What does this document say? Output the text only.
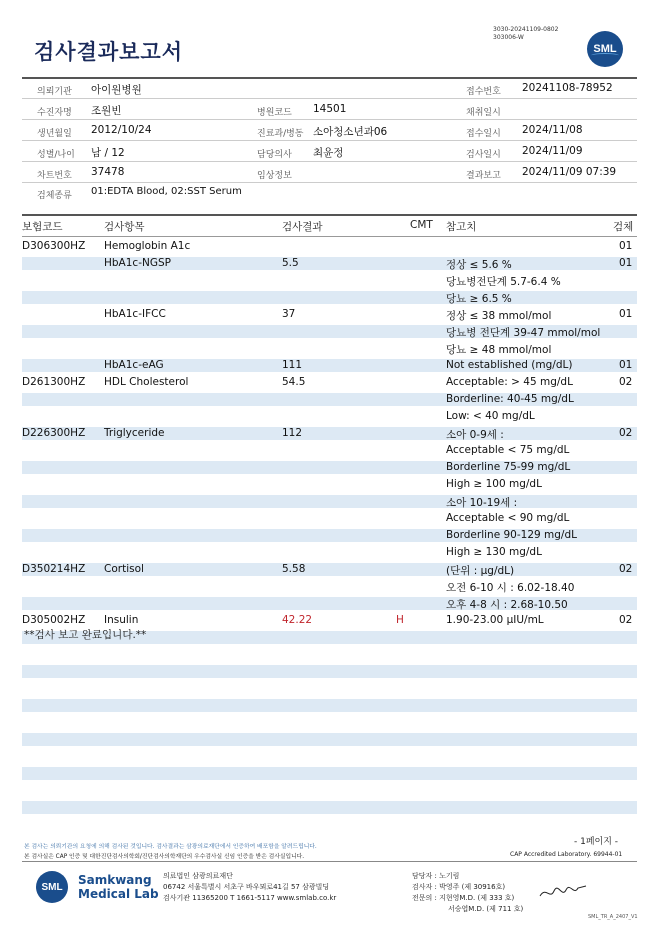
검사결과보고서
3030-20241109-0802
303006-W
SML
의뢰기관 아이원병원	접수번호 20241108-78952
수진자명 조원빈	병원코드 14501	채취일시
생년월일 2012/10/24	진료과/병동 소아청소년과06	접수일시 2024/11/08
성별/나이 남 / 12	담당의사 최윤정	검사일시 2024/11/09
차트번호 37478	임상정보	결과보고 2024/11/09 07:39
검체종류 01:EDTA Blood, 02:SST Serum
보험코드	검사항목	검사결과	CMT 참고치	검체
D306300HZ Hemoglobin A1c	01
HbA1c-NGSP	5.5	정상 ≤ 5.6 %	01
당뇨병전단계 5.7-6.4 %
당뇨 ≥ 6.5 %
HbA1c-IFCC	37	정상 ≤ 38 mmol/mol	01
당뇨병 전단계 39-47 mmol/mol
당뇨 ≥ 48 mmol/mol
HbA1c-eAG	111	Not established (mg/dL)	01
D261300HZ HDL Cholesterol	54.5	Acceptable: > 45 mg/dL	02
Borderline: 40-45 mg/dL
Low: < 40 mg/dL
D226300HZ Triglyceride	112	소아 0-9세 :	02
Acceptable < 75 mg/dL
Borderline 75-99 mg/dL
High ≥ 100 mg/dL
소아 10-19세 :
Acceptable < 90 mg/dL
Borderline 90-129 mg/dL
High ≥ 130 mg/dL
D350214HZ Cortisol	5.58	(단위 : µg/dL)	02
오전 6-10 시 : 6.02-18.40
오후 4-8 시 : 2.68-10.50
D305002HZ Insulin	42.22	H	1.90-23.00 µIU/mL	02
**검사 보고 완료입니다.**
- 1페이지 -
본 검사는 의뢰기관의 요청에 의해 검사된 것입니다. 검사결과는 삼광의료재단에서 인증하여 배포함을 알려드립니다.
본 검사실은 CAP 인증 및 대한진단검사의학회/진단검사의학재단의 우수검사실 신임 인증을 받은 검사실입니다.	CAP Accredited Laboratory. 69944-01
SML Samkwang
Medical Lab
의료법인 삼광의료재단
06742 서울특별시 서초구 바우뫼로41길 57 삼광빌딩
검사기관 11365200 T 1661-5117 www.smlab.co.kr
담당자 : 노기림
검사자 : 박영주 (제 30916호)
전문의 : 지현영M.D. (제 333 호)
서승엽M.D. (제 711 호)
SML_TR_A_2407_V1
